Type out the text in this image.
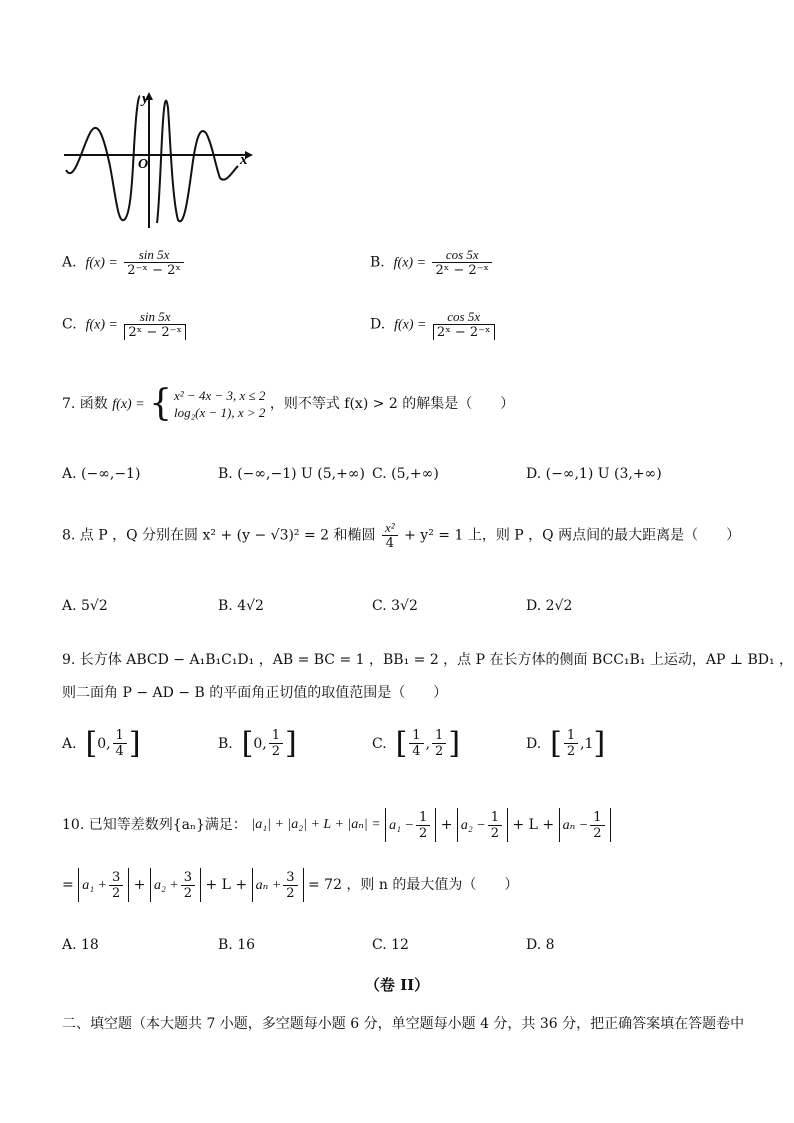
y
x
O
A. $f(x) = \frac{\sin 5x}{\text{2⁻ˣ − 2ˣ}}$	B. $f(x) = \frac{\cos 5x}{\text{2ˣ − 2⁻ˣ}}$
C. $f(x) = \frac{\sin 5x}{\text{2ˣ − 2⁻ˣ}}$	D. $f(x) = \frac{\cos 5x}{\text{2ˣ − 2⁻ˣ}}$
7. 函数 f(x) = { x² − 4x − 3, x ≤ 2
log₂(x − 1), x > 2
，则不等式 f(x) > 2 的解集是（　　）
A. (−∞,−1)	B. (−∞,−1) U (5,+∞) C. (5,+∞)	D. (−∞,1) U (3,+∞)
8. 点 P ，Q 分别在圆 x² + (y − √3)² = 2 和椭圆 $\frac{\text{x²}}{4} + y^2 = 1$ 上，则 P ，Q 两点间的最大距离是（　　）
A. 5√2	B. 4√2	C. 3√2	D. 2√2
9. 长方体 ABCD − A₁B₁C₁D₁ ，AB = BC = 1 ，BB₁ = 2 ，点 P 在长方体的侧面 BCC₁B₁ 上运动，AP ⊥ BD₁ ，
则二面角 P − AD − B 的平面角正切值的取值范围是（　　）
A. [0, $\frac{1}{4}$ ]	B. [0, $\frac{1}{2}$ ]	C. [ $\frac{1}{4}$ , $\frac{1}{2}$ ]	D. [ $\frac{1}{2} ,1$]
10. 已知等差数列{aₙ}满足： $|a_1| + |a_2| + L + |a_n| = a_1 - \frac{1}{2} + a_2 - \frac{1}{2} + L + a_n - \frac{1}{2}$
= $a_1 + \frac{3}{2} + a_2 + \frac{3}{2} + L + a_n + \frac{3}{2} = 72$ ，则 n 的最大值为（　　）
A. 18	B. 16	C. 12	D. 8
（卷 II）
二、填空题（本大题共 7 小题，多空题每小题 6 分，单空题每小题 4 分，共 36 分，把正确答案填在答题卷中
